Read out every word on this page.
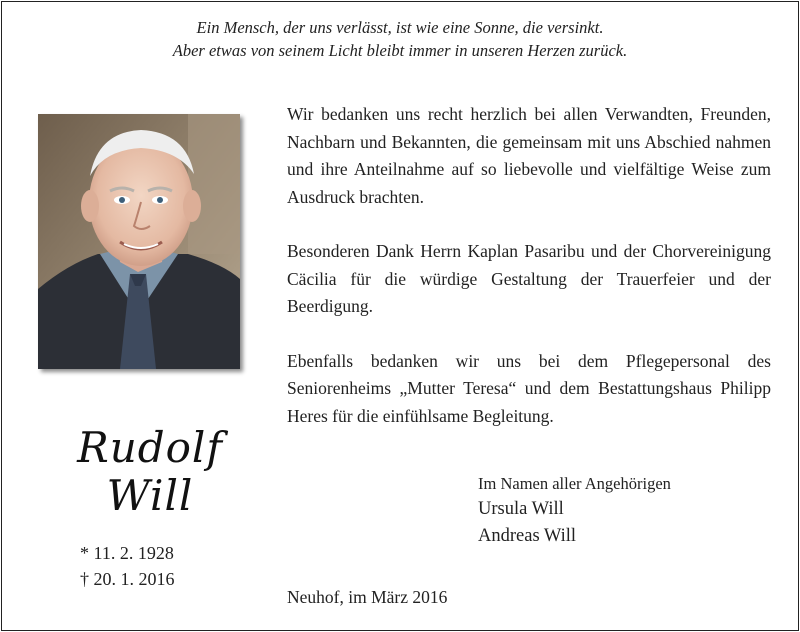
Ein Mensch, der uns verlässt, ist wie eine Sonne, die versinkt.
Aber etwas von seinem Licht bleibt immer in unseren Herzen zurück.
Rudolf
Will
* 11. 2. 1928
† 20. 1. 2016

Wir bedanken uns recht herzlich bei allen Verwandten, Freunden, Nachbarn und Bekannten, die gemeinsam mit uns Abschied nahmen und ihre Anteilnahme auf so liebevolle und vielfältige Weise zum Ausdruck brachten.

Besonderen Dank Herrn Kaplan Pasaribu und der Chorvereinigung Cäcilia für die würdige Gestaltung der Trauerfeier und der Beerdigung.

Ebenfalls bedanken wir uns bei dem Pflegepersonal des Seniorenheims „Mutter Teresa“ und dem Bestattungshaus Philipp Heres für die einfühlsame Begleitung.

Im Namen aller Angehörigen
Ursula Will
Andreas Will
Neuhof, im März 2016
